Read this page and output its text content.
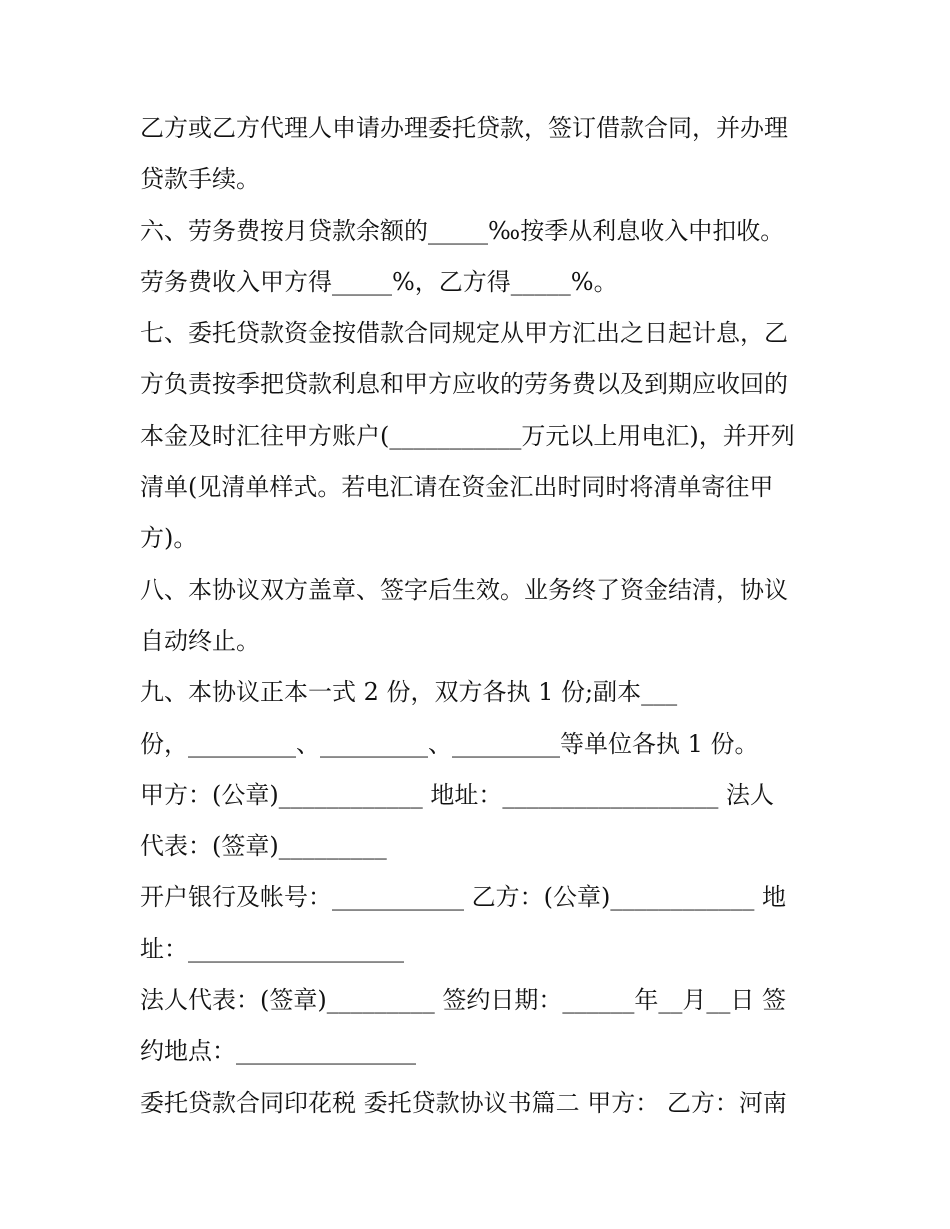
乙方或乙方代理人申请办理委托贷款，签订借款合同，并办理
贷款手续。
六、劳务费按月贷款余额的_____‰按季从利息收入中扣收。
劳务费收入甲方得_____%，乙方得_____%。
七、委托贷款资金按借款合同规定从甲方汇出之日起计息，乙
方负责按季把贷款利息和甲方应收的劳务费以及到期应收回的
本金及时汇往甲方账户(___________万元以上用电汇)，并开列
清单(见清单样式。若电汇请在资金汇出时同时将清单寄往甲
方)。
八、本协议双方盖章、签字后生效。业务终了资金结清，协议
自动终止。
九、本协议正本一式 2 份，双方各执 1 份;副本___
份，_________、_________、_________等单位各执 1 份。
甲方：(公章)____________ 地址：__________________ 法人
代表：(签章)_________
开户银行及帐号：___________ 乙方：(公章)____________ 地
址：__________________
法人代表：(签章)_________ 签约日期：______年__月__日 签
约地点：_______________
委托贷款合同印花税 委托贷款协议书篇二 甲方： 乙方：河南
